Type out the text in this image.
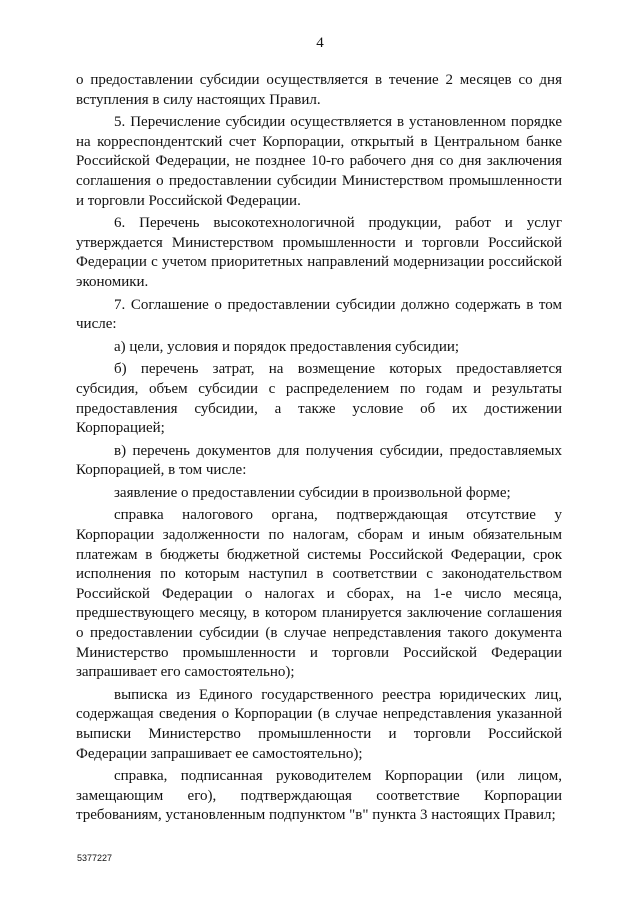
4

о предоставлении субсидии осуществляется в течение 2 месяцев со дня вступления в силу настоящих Правил.

5. Перечисление субсидии осуществляется в установленном порядке на корреспондентский счет Корпорации, открытый в Центральном банке Российской Федерации, не позднее 10-го рабочего дня со дня заключения соглашения о предоставлении субсидии Министерством промышленности и торговли Российской Федерации.

6. Перечень высокотехнологичной продукции, работ и услуг утверждается Министерством промышленности и торговли Российской Федерации с учетом приоритетных направлений модернизации российской экономики.

7. Соглашение о предоставлении субсидии должно содержать в том числе:

а) цели, условия и порядок предоставления субсидии;

б) перечень затрат, на возмещение которых предоставляется субсидия, объем субсидии с распределением по годам и результаты предоставления субсидии, а также условие об их достижении Корпорацией;

в) перечень документов для получения субсидии, предоставляемых Корпорацией, в том числе:

заявление о предоставлении субсидии в произвольной форме;

справка налогового органа, подтверждающая отсутствие у Корпорации задолженности по налогам, сборам и иным обязательным платежам в бюджеты бюджетной системы Российской Федерации, срок исполнения по которым наступил в соответствии с законодательством Российской Федерации о налогах и сборах, на 1-е число месяца, предшествующего месяцу, в котором планируется заключение соглашения о предоставлении субсидии (в случае непредставления такого документа Министерство промышленности и торговли Российской Федерации запрашивает его самостоятельно);

выписка из Единого государственного реестра юридических лиц, содержащая сведения о Корпорации (в случае непредставления указанной выписки Министерство промышленности и торговли Российской Федерации запрашивает ее самостоятельно);

справка, подписанная руководителем Корпорации (или лицом, замещающим его), подтверждающая соответствие Корпорации требованиям, установленным подпунктом "в" пункта 3 настоящих Правил;

5377227
